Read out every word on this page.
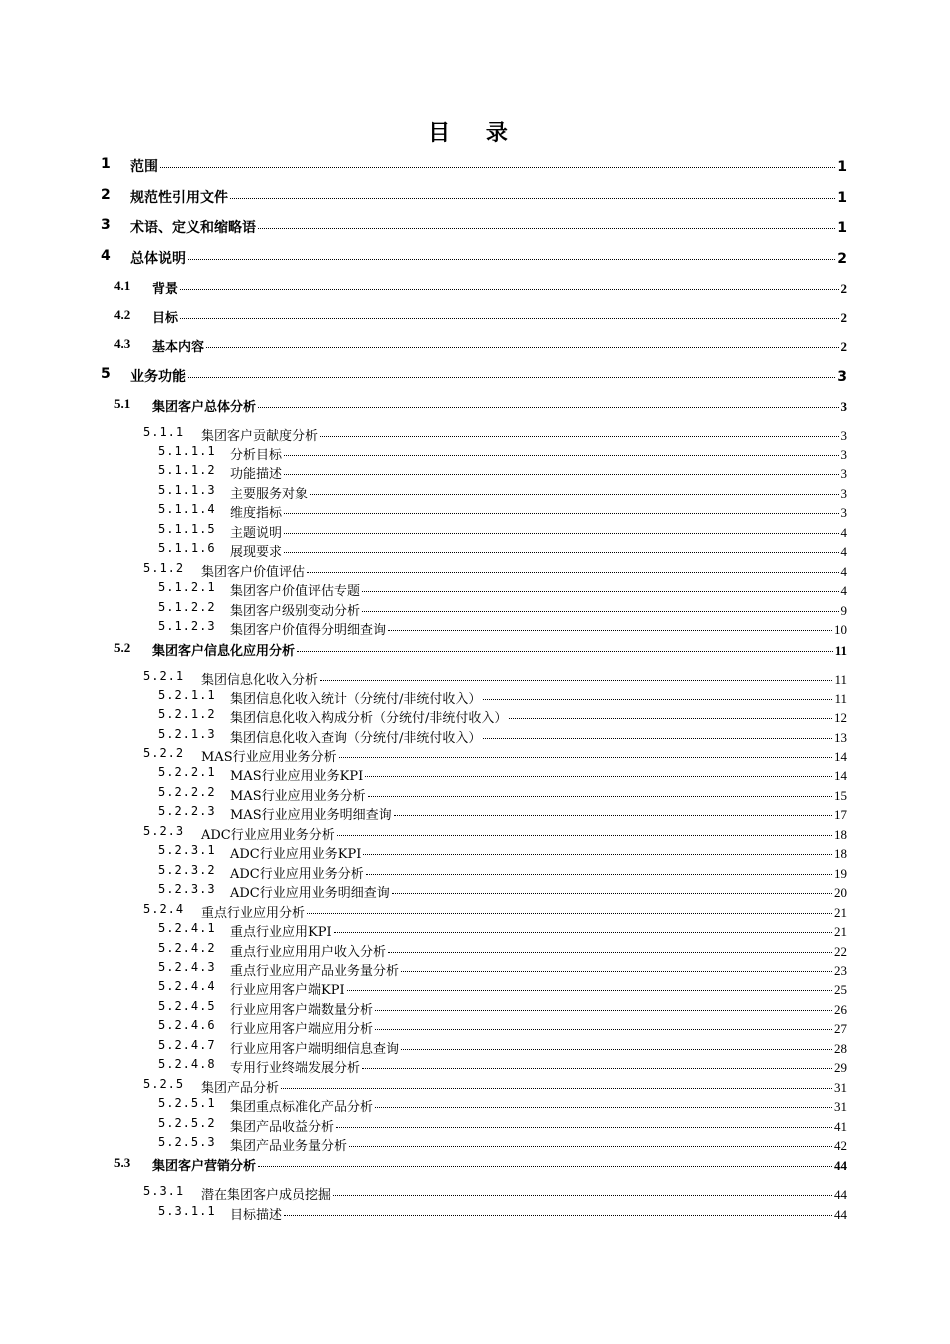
目 录
1 范围	1
2 规范性引用文件	1
3 术语、定义和缩略语	1
4 总体说明	2
4.1 背景	2
4.2 目标	2
4.3 基本内容	2
5 业务功能	3
5.1 集团客户总体分析	3
5.1.1 集团客户贡献度分析	3
5.1.1.1 分析目标	3
5.1.1.2 功能描述	3
5.1.1.3 主要服务对象	3
5.1.1.4 维度指标	3
5.1.1.5 主题说明	4
5.1.1.6 展现要求	4
5.1.2 集团客户价值评估	4
5.1.2.1 集团客户价值评估专题	4
5.1.2.2 集团客户级别变动分析	9
5.1.2.3 集团客户价值得分明细查询	10
5.2 集团客户信息化应用分析	11
5.2.1 集团信息化收入分析	11
5.2.1.1 集团信息化收入统计（分统付/非统付收入）	11
5.2.1.2 集团信息化收入构成分析（分统付/非统付收入）	12
5.2.1.3 集团信息化收入查询（分统付/非统付收入）	13
5.2.2 MAS行业应用业务分析	14
5.2.2.1 MAS行业应用业务KPI	14
5.2.2.2 MAS行业应用业务分析	15
5.2.2.3 MAS行业应用业务明细查询	17
5.2.3 ADC行业应用业务分析	18
5.2.3.1 ADC行业应用业务KPI	18
5.2.3.2 ADC行业应用业务分析	19
5.2.3.3 ADC行业应用业务明细查询	20
5.2.4 重点行业应用分析	21
5.2.4.1 重点行业应用KPI	21
5.2.4.2 重点行业应用用户收入分析	22
5.2.4.3 重点行业应用产品业务量分析	23
5.2.4.4 行业应用客户端KPI	25
5.2.4.5 行业应用客户端数量分析	26
5.2.4.6 行业应用客户端应用分析	27
5.2.4.7 行业应用客户端明细信息查询	28
5.2.4.8 专用行业终端发展分析	29
5.2.5 集团产品分析	31
5.2.5.1 集团重点标准化产品分析	31
5.2.5.2 集团产品收益分析	41
5.2.5.3 集团产品业务量分析	42
5.3 集团客户营销分析	44
5.3.1 潜在集团客户成员挖掘	44
5.3.1.1 目标描述	44
